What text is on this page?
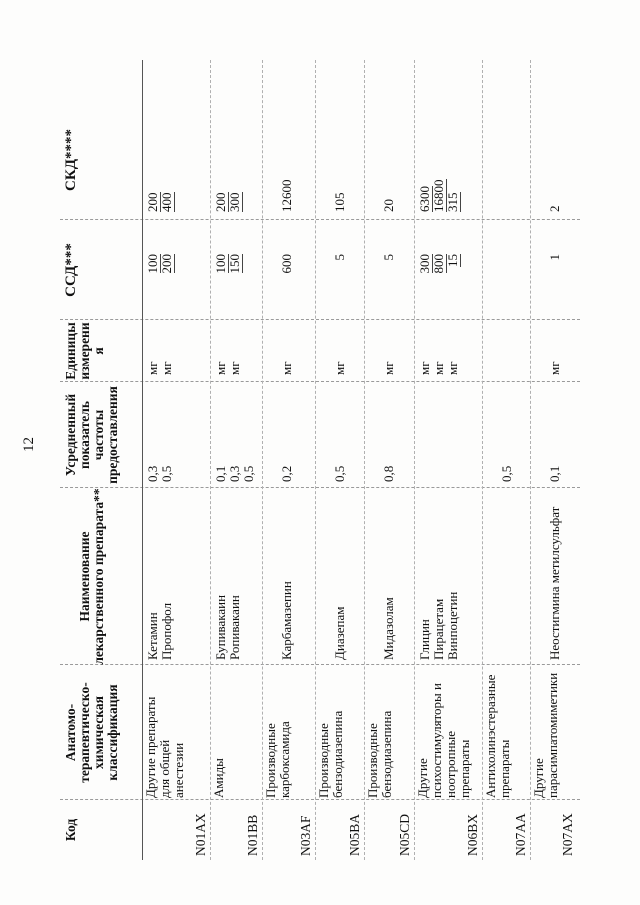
12
Код
Анатомо-терапевтическо-химическая классификация
Наименование лекарственного препарата**
Усредненный показатель частоты предоставления
Единицы измерения
ССД***
СКД****
N01AX
Другие препараты для общей анестезии
Кетамин Пропофол
0,3 0,5
мг мг
100 200
200 400
N01BB
Амиды
Бупивакаин Ропивакаин
0,1 0,3 0,5
мг мг
100 150
200 300
N03AF
Производные карбоксамида
Карбамазепин
0,2
мг
600
12600
N05BA
Производные бензодиазепина
Диазепам
0,5
мг
5
105
N05CD
Производные бензодиазепина
Мидазолам
0,8
мг
5
20
N06BX
Другие психостимуляторы и ноотропные препараты
Глицин Пирацетам Винпоцетин
мг мг мг
300 800 15
6300 16800 315
N07AA
Антихолинэстеразные препараты
0,5
N07AX
Другие парасимпатомиметики
Неостигмина метилсульфат
0,1
мг
1
2
